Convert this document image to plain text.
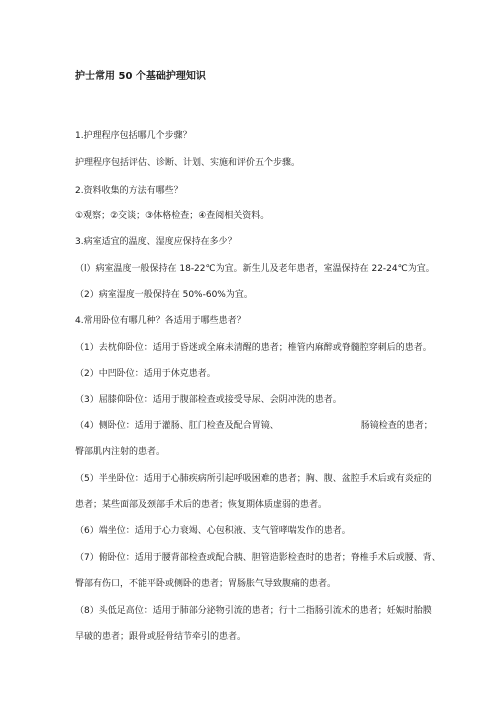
护士常用 50 个基础护理知识
1.护理程序包括哪几个步骤？
护理程序包括评估、诊断、计划、实施和评价五个步骤。
2.资料收集的方法有哪些？
①观察；②交谈；③体格检查；④查阅相关资料。
3.病室适宜的温度、湿度应保持在多少？
（l）病室温度一般保持在 18-22℃为宜。新生儿及老年患者，室温保持在 22-24℃为宜。
（2）病室湿度一般保持在 50%-60%为宜。
4.常用卧位有哪几种？各适用于哪些患者？
（1）去枕仰卧位：适用于昏迷或全麻未清醒的患者；椎管内麻醉或脊髓腔穿刺后的患者。
（2）中凹卧位：适用于休克患者。
（3）屈膝仰卧位：适用于腹部检查或接受导尿、会阴冲洗的患者。
（4）侧卧位：适用于灌肠、肛门检查及配合胃镜、	肠镜检查的患者；
臀部肌内注射的患者。
（5）半坐卧位：适用于心肺疾病所引起呼吸困难的患者；胸、腹、盆腔手术后或有炎症的
患者；某些面部及颈部手术后的患者；恢复期体质虚弱的患者。
（6）端坐位：适用于心力衰竭、心包积液、支气管哮喘发作的患者。
（7）俯卧位：适用于腰背部检查或配合胰、胆管造影检查时的患者；脊椎手术后或腰、背、
臀部有伤口，不能平卧或侧卧的患者；胃肠胀气导致腹痛的患者。
（8）头低足高位：适用于肺部分泌物引流的患者；行十二指肠引流术的患者；妊娠时胎膜
早破的患者；跟骨或胫骨结节牵引的患者。
